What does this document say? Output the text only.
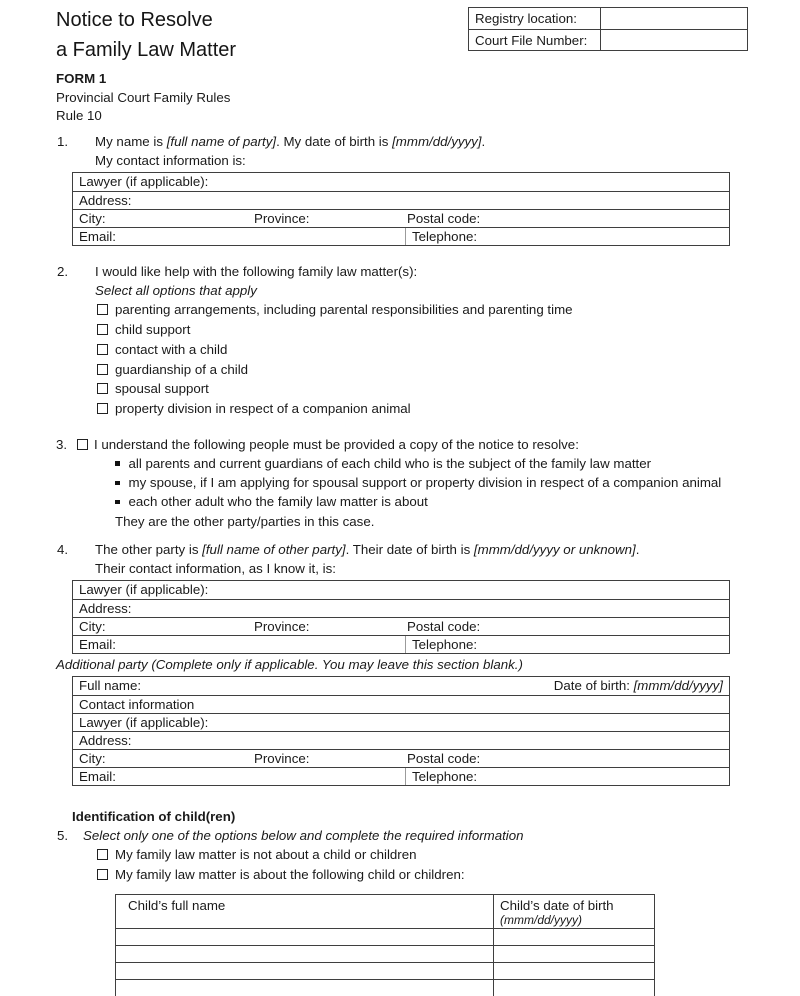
Notice to Resolve
a Family Law Matter
FORM 1
Provincial Court Family Rules
Rule 10
Registry location:
Court File Number:
1. My name is [full name of party]. My date of birth is [mmm/dd/yyyy].
My contact information is:
Lawyer (if applicable):
Address:
City:	Province:	Postal code:
Email:	Telephone:
2. I would like help with the following family law matter(s):
Select all options that apply
parenting arrangements, including parental responsibilities and parenting time
child support
contact with a child
guardianship of a child
spousal support
property division in respect of a companion animal
3.	I understand the following people must be provided a copy of the notice to resolve:
all parents and current guardians of each child who is the subject of the family law matter
my spouse, if I am applying for spousal support or property division in respect of a companion animal
each other adult who the family law matter is about
They are the other party/parties in this case.
4. The other party is [full name of other party]. Their date of birth is [mmm/dd/yyyy or unknown].
Their contact information, as I know it, is:
Lawyer (if applicable):
Address:
City:	Province:	Postal code:
Email:	Telephone:
Additional party (Complete only if applicable. You may leave this section blank.)
Full name:	Date of birth: [mmm/dd/yyyy]
Contact information
Lawyer (if applicable):
Address:
City:	Province:	Postal code:
Email:	Telephone:
Identification of child(ren)
5. Select only one of the options below and complete the required information
My family law matter is not about a child or children
My family law matter is about the following child or children:
Child’s full name	Child’s date of birth
(mmm/dd/yyyy)
